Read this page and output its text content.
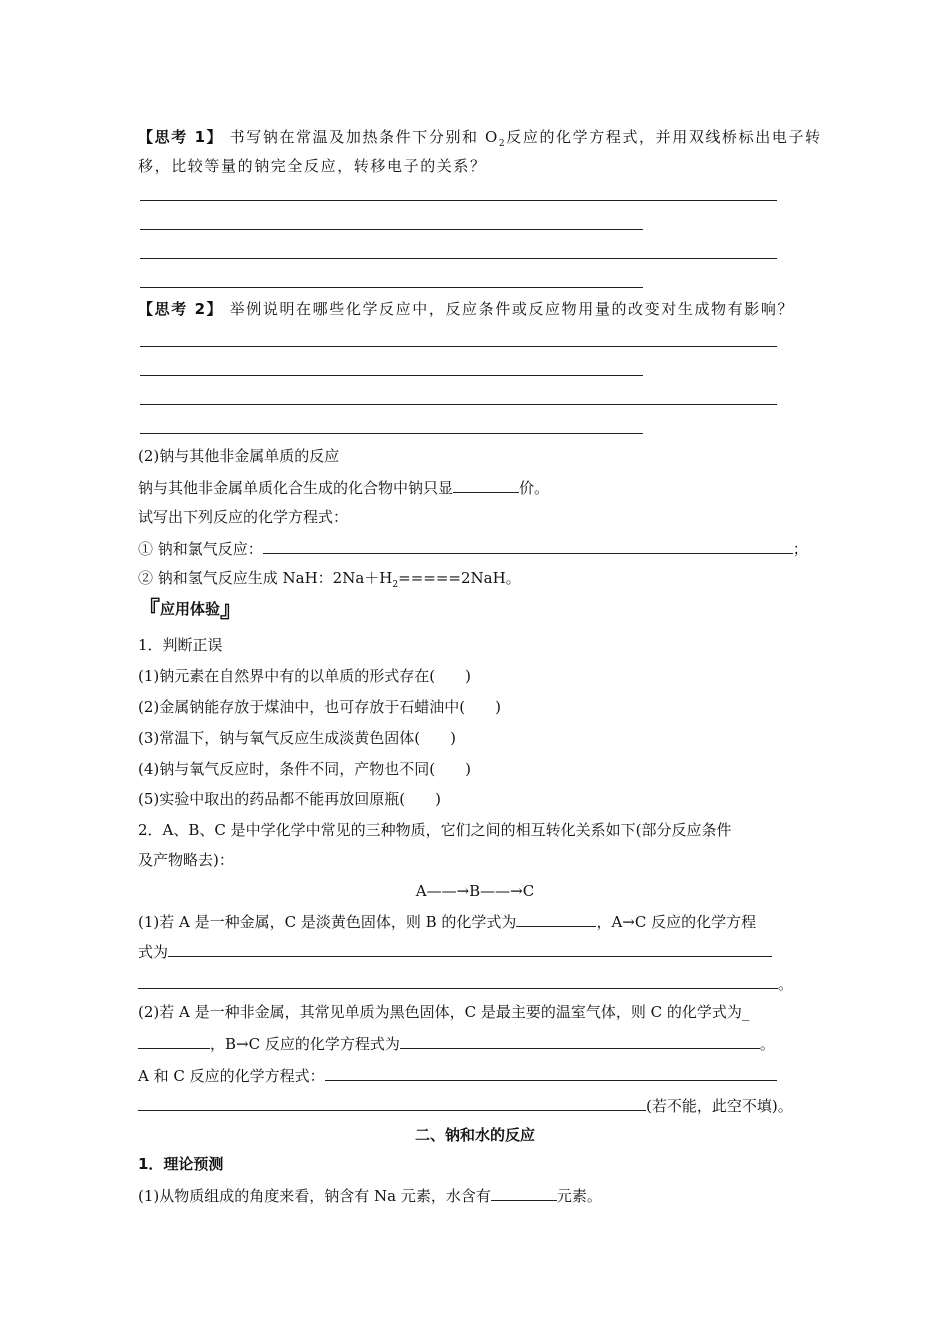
【思考 1】 书写钠在常温及加热条件下分别和 $O_2$反应的化学方程式，并用双线桥标出电子转
移，比较等量的钠完全反应，转移电子的关系？
【思考 2】 举例说明在哪些化学反应中，反应条件或反应物用量的改变对生成物有影响？
(2)钠与其他非金属单质的反应
钠与其他非金属单质化合生成的化合物中钠只显	价。
试写出下列反应的化学方程式：
① 钠和氯气反应：	；
② 钠和氢气反应生成 NaH：$2Na+H_2=====2NaH$。
『应用体验』
1．判断正误
(1)钠元素在自然界中有的以单质的形式存在(　　)
(2)金属钠能存放于煤油中，也可存放于石蜡油中(　　)
(3)常温下，钠与氧气反应生成淡黄色固体(　　)
(4)钠与氧气反应时，条件不同，产物也不同(　　)
(5)实验中取出的药品都不能再放回原瓶(　　)
2．A、B、C 是中学化学中常见的三种物质，它们之间的相互转化关系如下(部分反应条件
及产物略去)：
A——→B——→C
(1)若 A 是一种金属，C 是淡黄色固体，则 B 的化学式为	，A→C 反应的化学方程
式为
。
(2)若 A 是一种非金属，其常见单质为黑色固体，C 是最主要的温室气体，则 C 的化学式为_
，B→C 反应的化学方程式为	。
A 和 C 反应的化学方程式：
(若不能，此空不填)。
二、钠和水的反应
1．理论预测
(1)从物质组成的角度来看，钠含有 Na 元素，水含有	元素。
